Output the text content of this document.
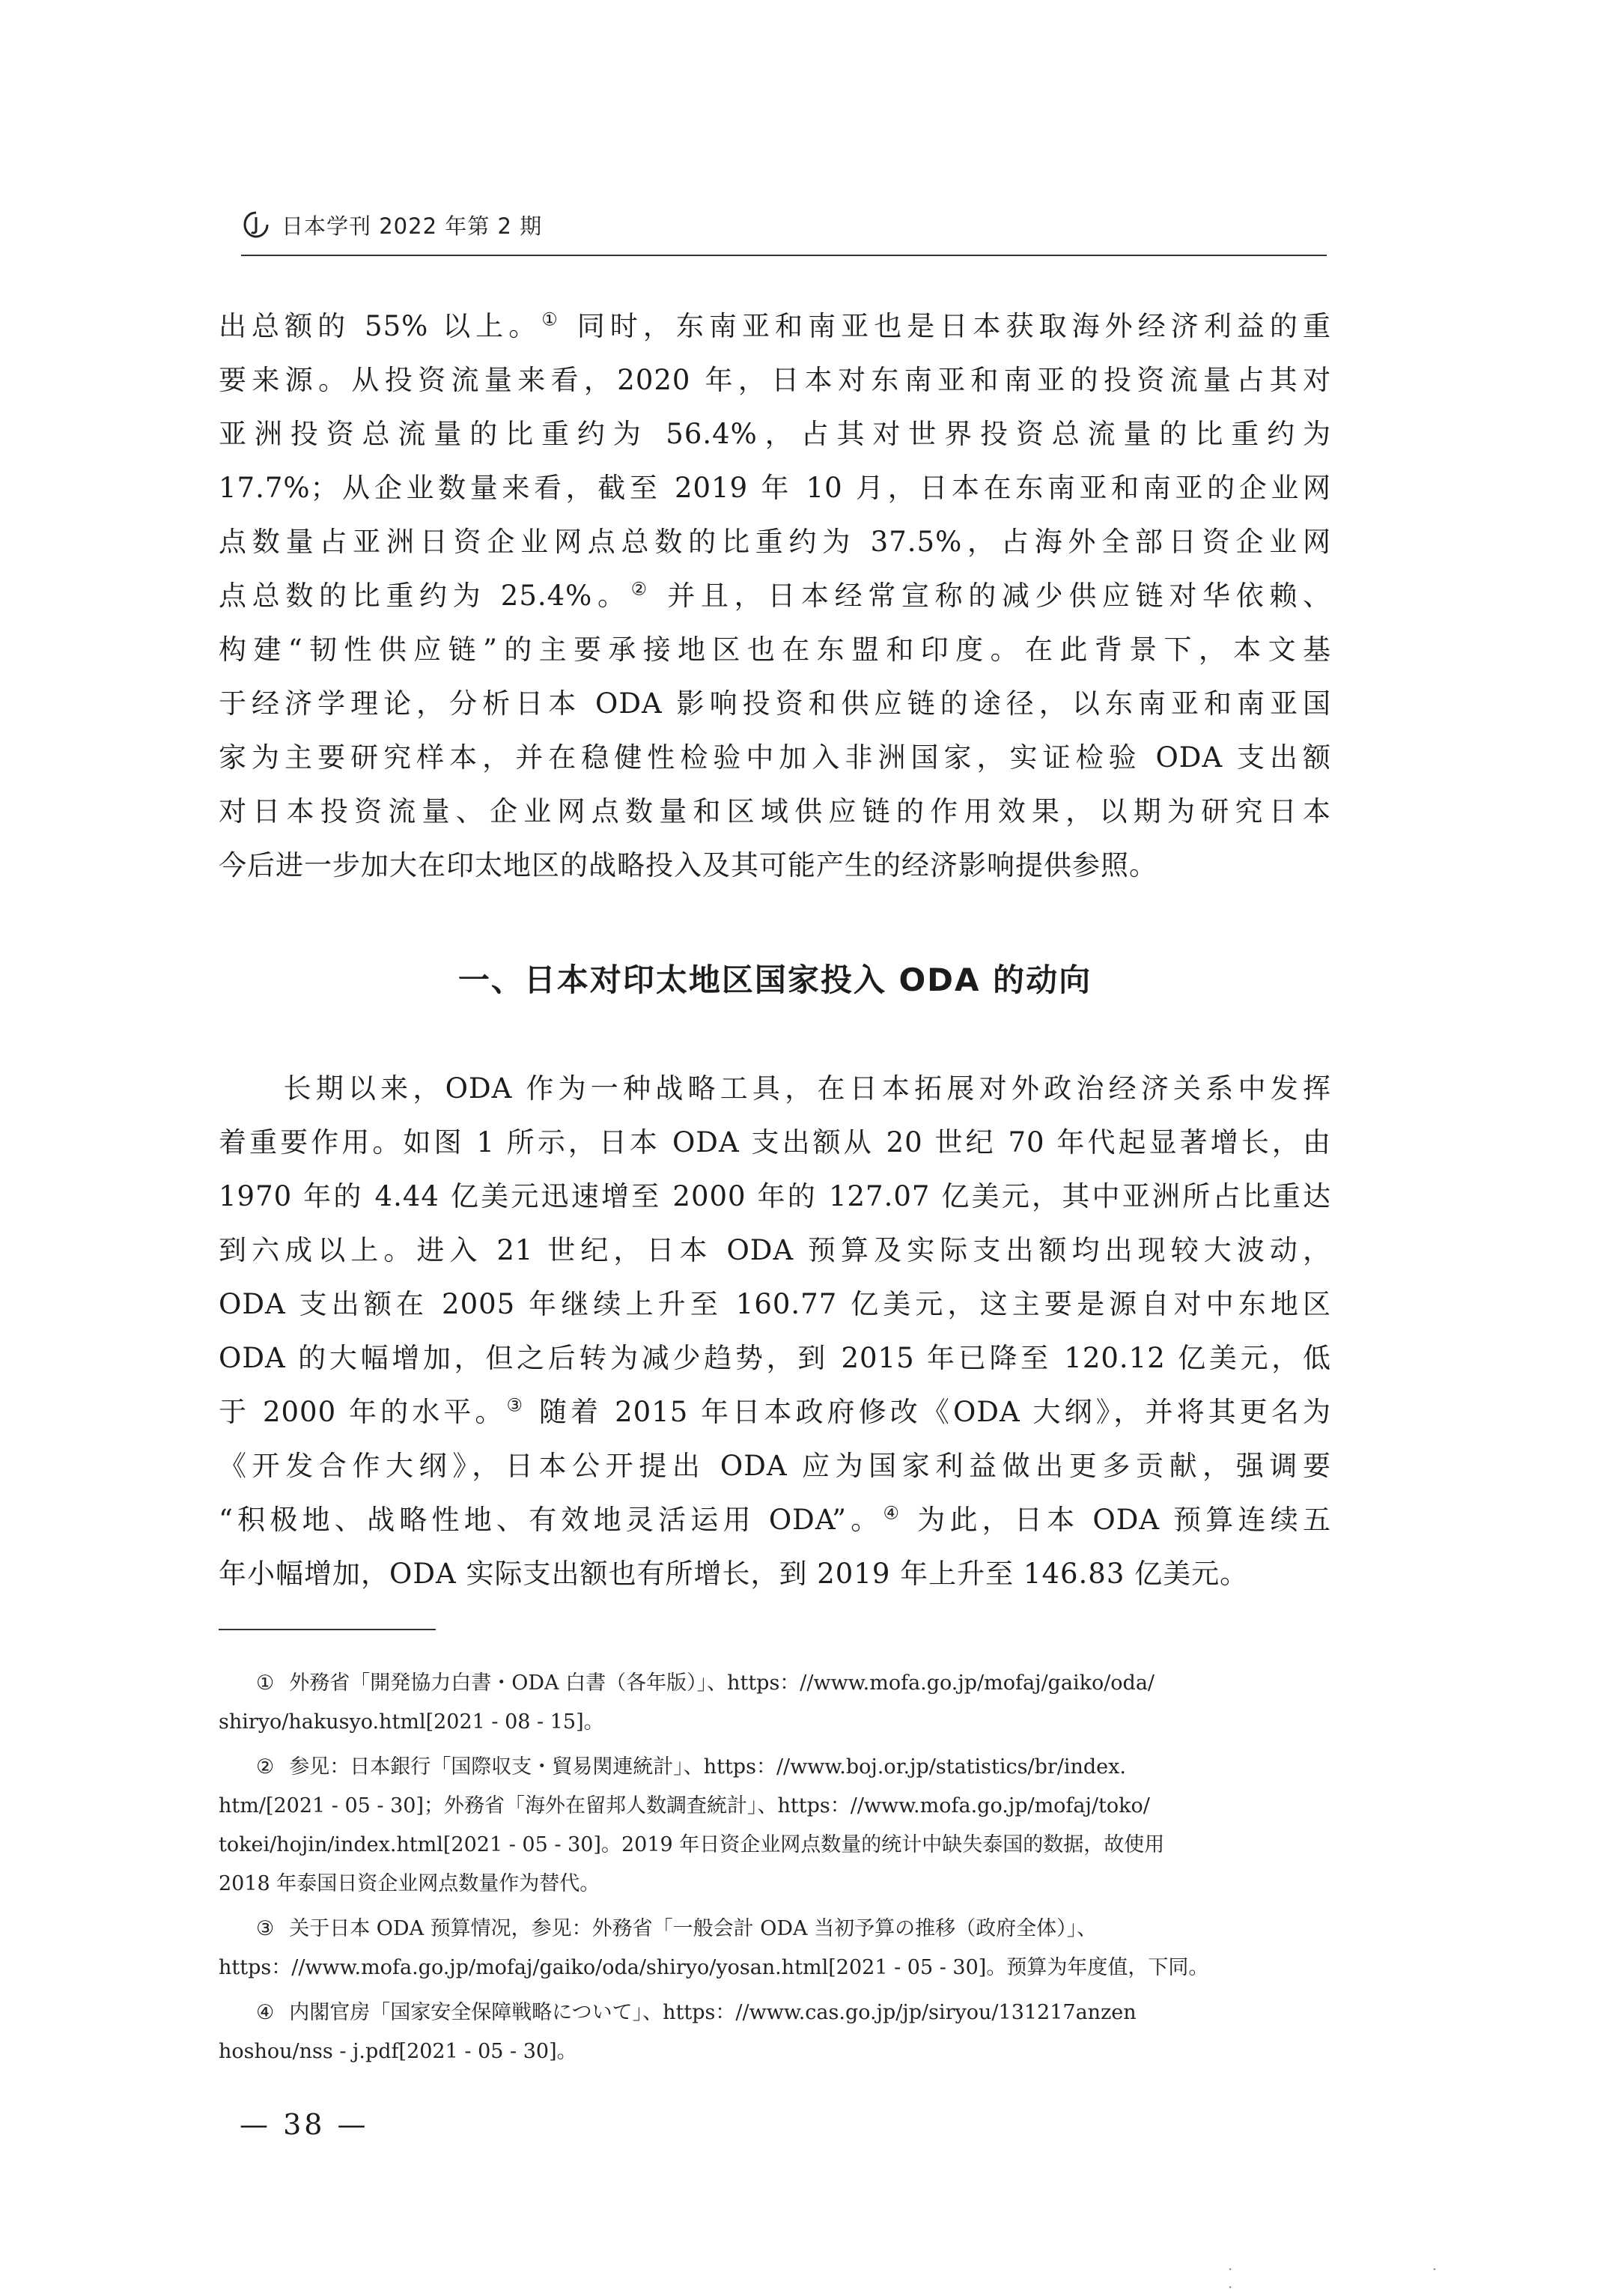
日本学刊 2022 年第 2 期

出总额的 55% 以上。① 同时，东南亚和南亚也是日本获取海外经济利益的重

要来源。从投资流量来看，2020 年，日本对东南亚和南亚的投资流量占其对

亚洲投资总流量的比重约为 56.4%，占其对世界投资总流量的比重约为

17.7%；从企业数量来看，截至 2019 年 10 月，日本在东南亚和南亚的企业网

点数量占亚洲日资企业网点总数的比重约为 37.5%，占海外全部日资企业网

点总数的比重约为 25.4%。② 并且，日本经常宣称的减少供应链对华依赖、

构建“韧性供应链”的主要承接地区也在东盟和印度。在此背景下，本文基

于经济学理论，分析日本 ODA 影响投资和供应链的途径，以东南亚和南亚国

家为主要研究样本，并在稳健性检验中加入非洲国家，实证检验 ODA 支出额

对日本投资流量、企业网点数量和区域供应链的作用效果，以期为研究日本

今后进一步加大在印太地区的战略投入及其可能产生的经济影响提供参照。

一、日本对印太地区国家投入 ODA 的动向

　　长期以来，ODA 作为一种战略工具，在日本拓展对外政治经济关系中发挥

着重要作用。如图 1 所示，日本 ODA 支出额从 20 世纪 70 年代起显著增长，由

1970 年的 4.44 亿美元迅速增至 2000 年的 127.07 亿美元，其中亚洲所占比重达

到六成以上。进入 21 世纪，日本 ODA 预算及实际支出额均出现较大波动，

ODA 支出额在 2005 年继续上升至 160.77 亿美元，这主要是源自对中东地区

ODA 的大幅增加，但之后转为减少趋势，到 2015 年已降至 120.12 亿美元，低

于 2000 年的水平。③ 随着 2015 年日本政府修改《ODA 大纲》，并将其更名为

《开发合作大纲》，日本公开提出 ODA 应为国家利益做出更多贡献，强调要

“积极地、战略性地、有效地灵活运用 ODA”。④ 为此，日本 ODA 预算连续五

年小幅增加，ODA 实际支出额也有所增长，到 2019 年上升至 146.83 亿美元。

① 外務省「開発協力白書・ODA 白書（各年版）」、https：//www.mofa.go.jp/mofaj/gaiko/oda/
shiryo/hakusyo.html[2021 - 08 - 15]。
② 参见：日本銀行「国際収支・貿易関連統計」、https：//www.boj.or.jp/statistics/br/index.
htm/[2021 - 05 - 30]；外務省「海外在留邦人数調査統計」、https：//www.mofa.go.jp/mofaj/toko/
tokei/hojin/index.html[2021 - 05 - 30]。2019 年日资企业网点数量的统计中缺失泰国的数据，故使用
2018 年泰国日资企业网点数量作为替代。
③ 关于日本 ODA 预算情况，参见：外務省「一般会計 ODA 当初予算の推移（政府全体）」、
https：//www.mofa.go.jp/mofaj/gaiko/oda/shiryo/yosan.html[2021 - 05 - 30]。预算为年度值，下同。
④ 内閣官房「国家安全保障戦略について」、https：//www.cas.go.jp/jp/siryou/131217anzen
hoshou/nss - j.pdf[2021 - 05 - 30]。
— 38 —
· · ·
